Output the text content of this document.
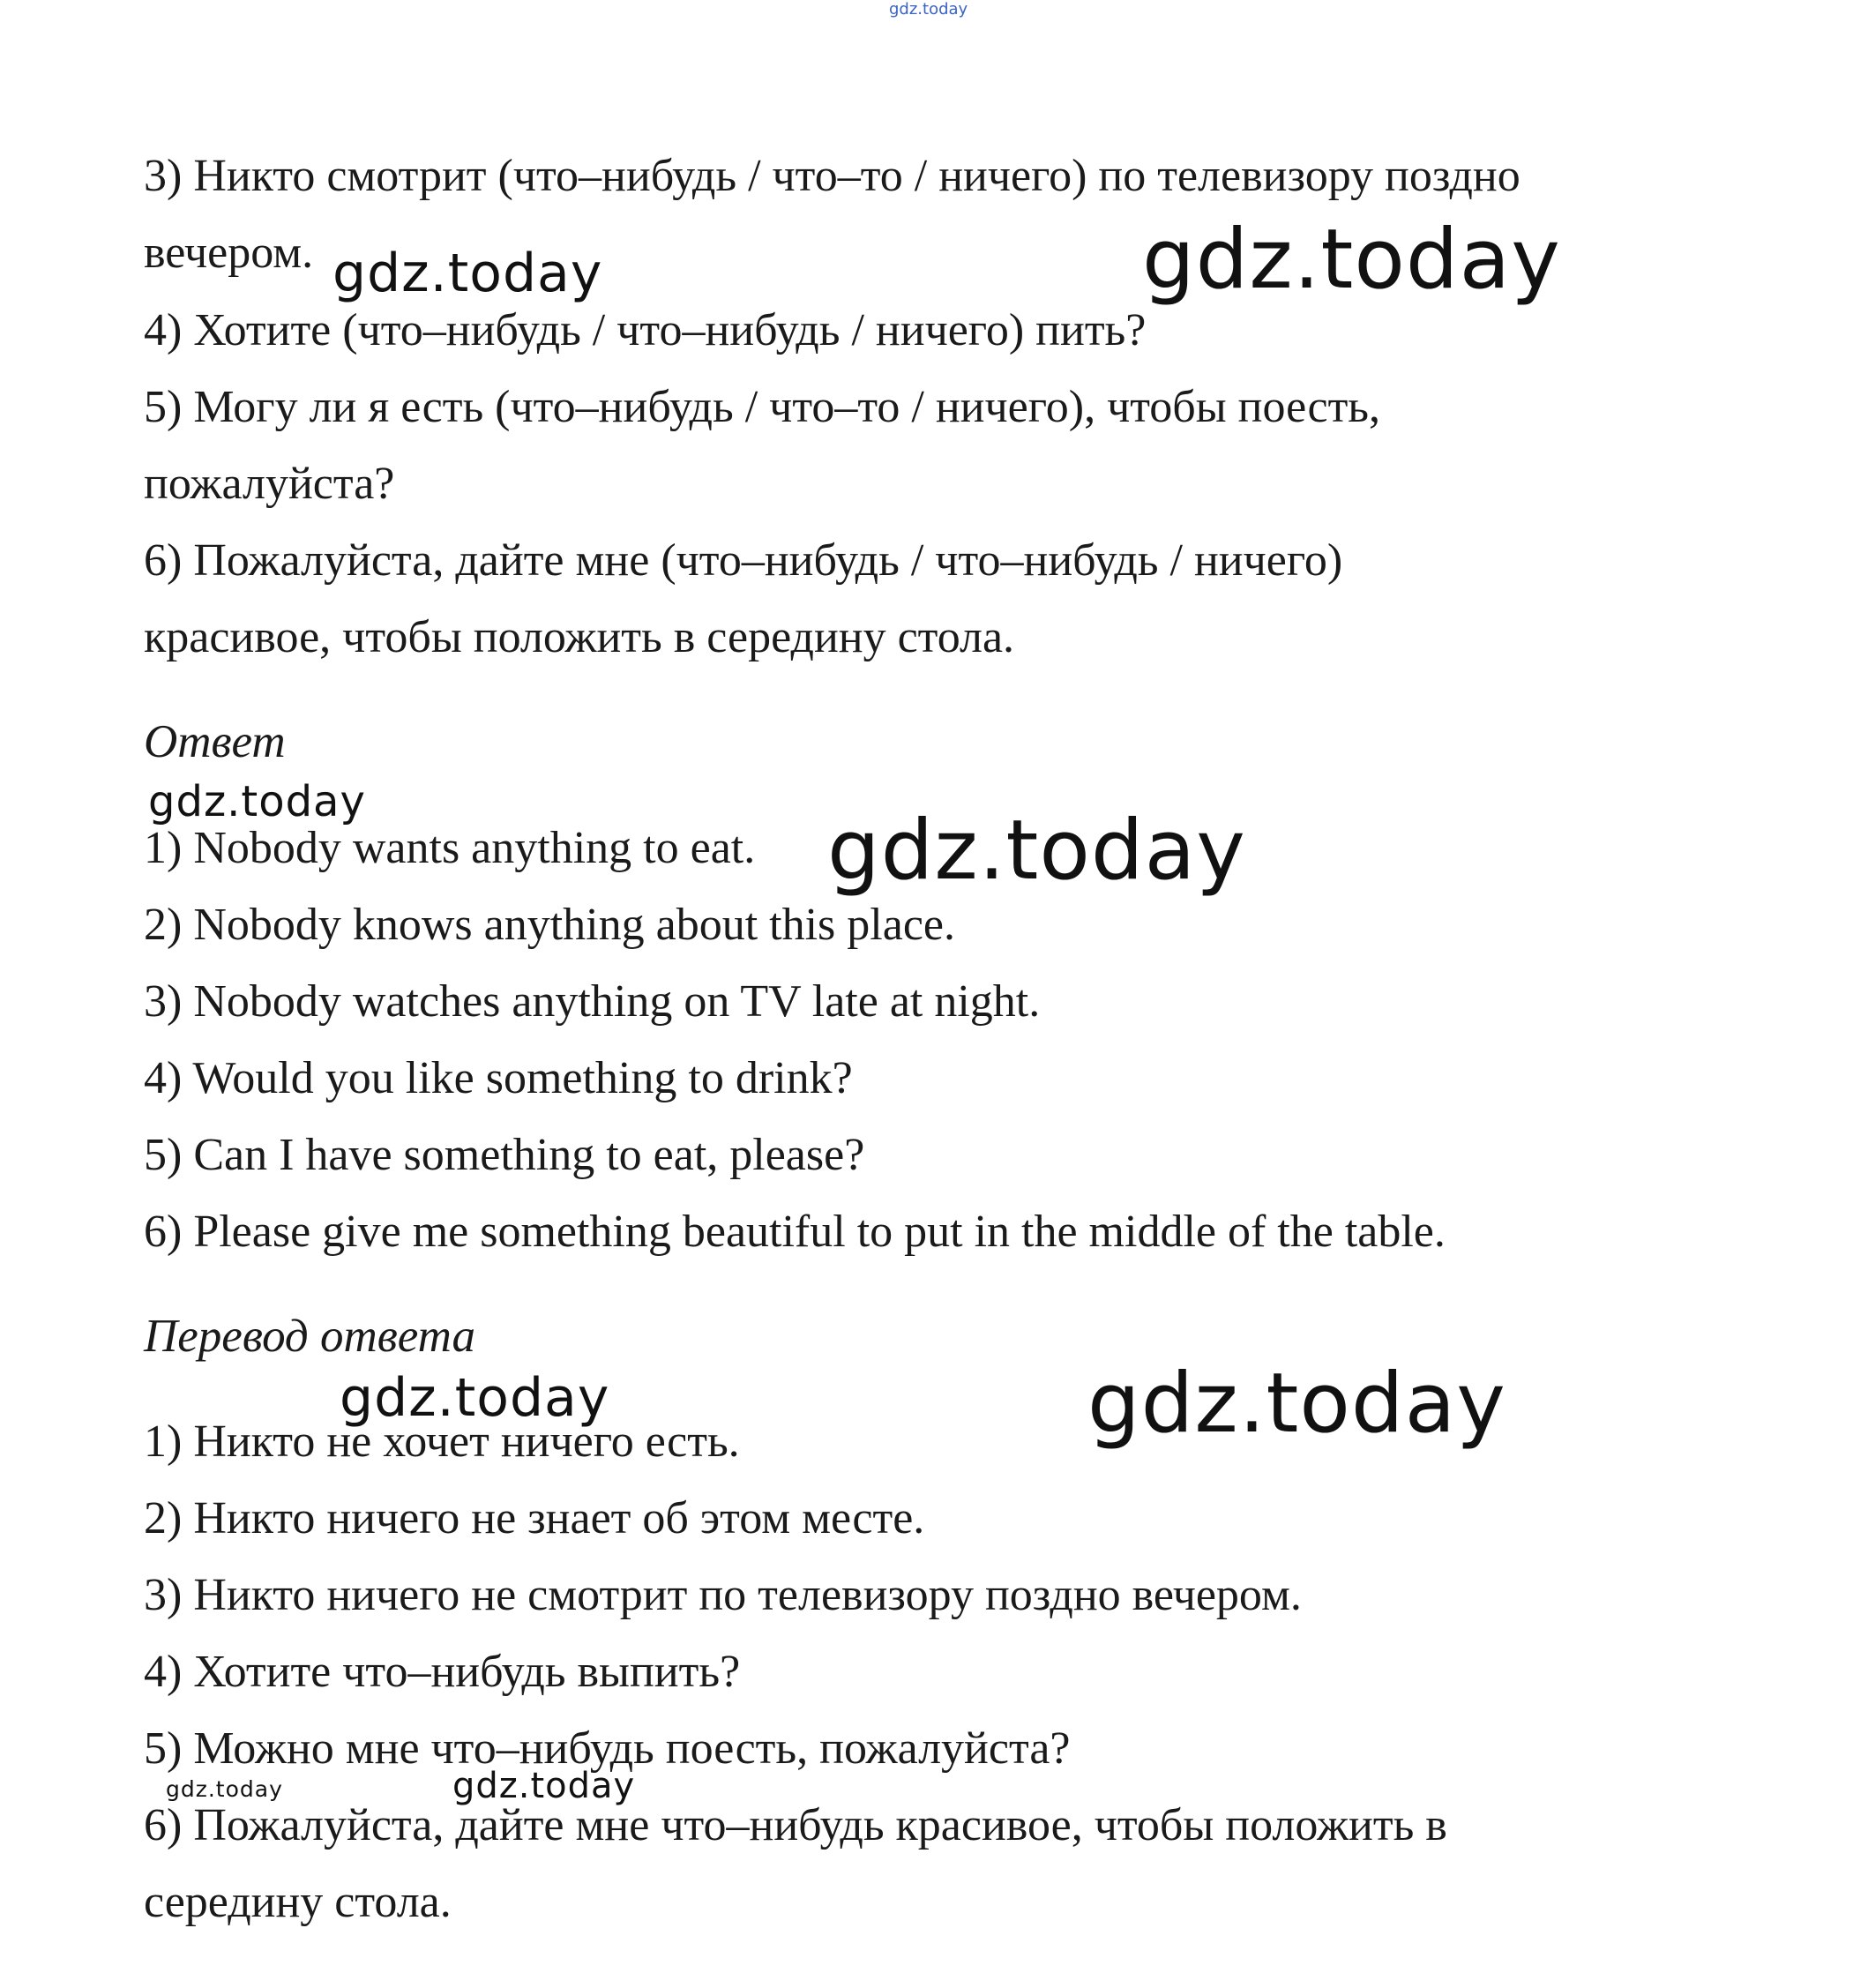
3) Никто смотрит (что–нибудь / что–то / ничего) по телевизору поздно
вечером.
4) Хотите (что–нибудь / что–нибудь / ничего) пить?
5) Могу ли я есть (что–нибудь / что–то / ничего), чтобы поесть,
пожалуйста?
6) Пожалуйста, дайте мне (что–нибудь / что–нибудь / ничего)
красивое, чтобы положить в середину стола.
Ответ
1) Nobody wants anything to eat.
2) Nobody knows anything about this place.
3) Nobody watches anything on TV late at night.
4) Would you like something to drink?
5) Can I have something to eat, please?
6) Please give me something beautiful to put in the middle of the table.
Перевод ответа
1) Никто не хочет ничего есть.
2) Никто ничего не знает об этом месте.
3) Никто ничего не смотрит по телевизору поздно вечером.
4) Хотите что–нибудь выпить?
5) Можно мне что–нибудь поесть, пожалуйста?
6) Пожалуйста, дайте мне что–нибудь красивое, чтобы положить в
середину стола.
gdz.today
gdz.today	gdz.today
gdz.today
gdz.today
gdz.today	gdz.today
gdz.today	gdz.today
